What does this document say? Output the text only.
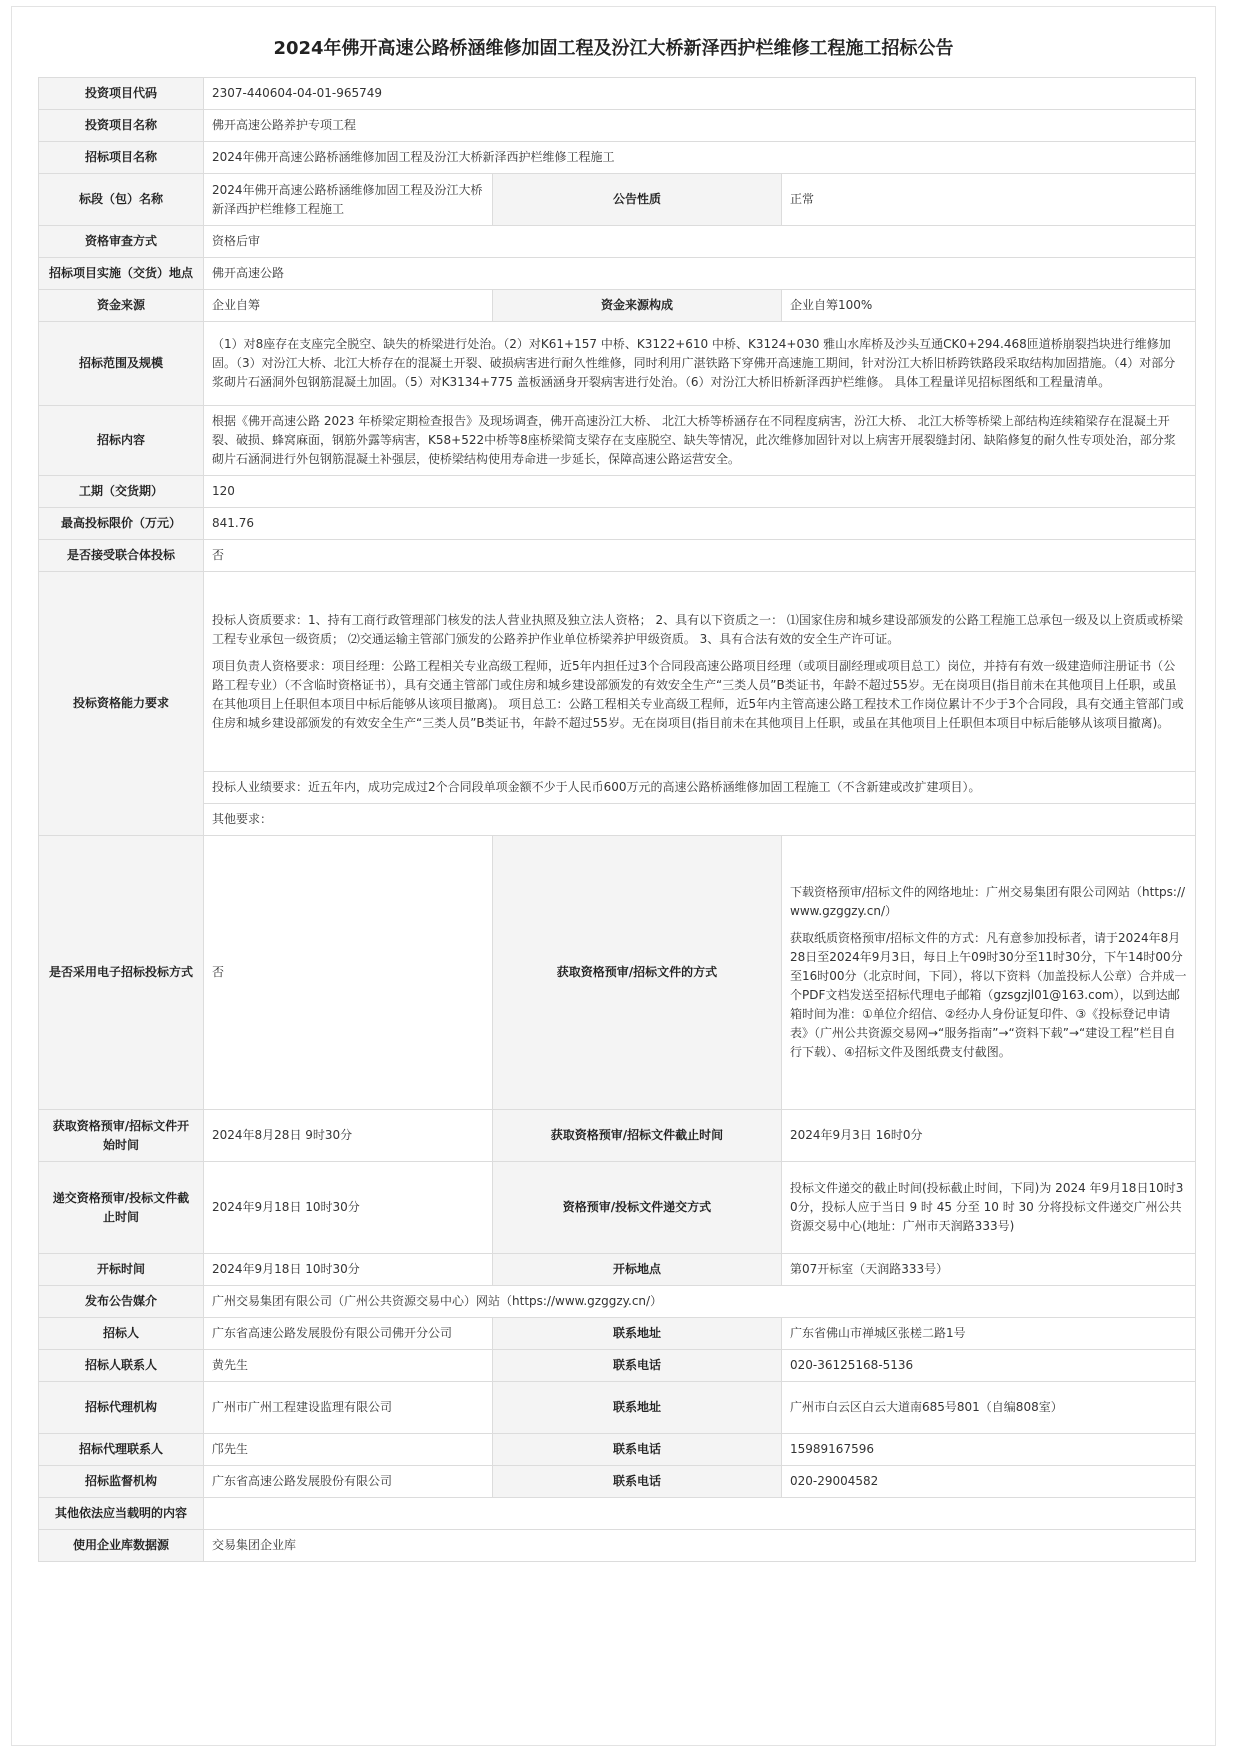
2024年佛开高速公路桥涵维修加固工程及汾江大桥新泽西护栏维修工程施工招标公告
投资项目代码	2307-440604-04-01-965749		
投资项目名称	佛开高速公路养护专项工程		
招标项目名称	2024年佛开高速公路桥涵维修加固工程及汾江大桥新泽西护栏维修工程施工		
标段（包）名称	2024年佛开高速公路桥涵维修加固工程及汾江大桥新泽西护栏维修工程施工	公告性质	正常
资格审查方式	资格后审		
招标项目实施（交货）地点	佛开高速公路		
资金来源	企业自筹	资金来源构成	企业自筹100%
招标范围及规模	（1）对8座存在支座完全脱空、缺失的桥梁进行处治。（2）对K61+157 中桥、K3122+610 中桥、K3124+030 雅山水库桥及沙头互通CK0+294.468匝道桥崩裂挡块进行维修加固。（3）对汾江大桥、北江大桥存在的混凝土开裂、破损病害进行耐久性维修，同时利用广湛铁路下穿佛开高速施工期间，针对汾江大桥旧桥跨铁路段采取结构加固措施。（4）对部分浆砌片石涵洞外包钢筋混凝土加固。（5）对K3134+775 盖板涵涵身开裂病害进行处治。（6）对汾江大桥旧桥新泽西护栏维修。 具体工程量详见招标图纸和工程量清单。		
招标内容	根据《佛开高速公路 2023 年桥梁定期检查报告》及现场调查，佛开高速汾江大桥、 北江大桥等桥涵存在不同程度病害，汾江大桥、 北江大桥等桥梁上部结构连续箱梁存在混凝土开裂、破损、蜂窝麻面，钢筋外露等病害，K58+522中桥等8座桥梁简支梁存在支座脱空、缺失等情况，此次维修加固针对以上病害开展裂缝封闭、缺陷修复的耐久性专项处治，部分浆砌片石涵洞进行外包钢筋混凝土补强层，使桥梁结构使用寿命进一步延长，保障高速公路运营安全。		
工期（交货期）	120		
最高投标限价（万元）	841.76		
是否接受联合体投标	否		
投标资格能力要求	投标人资质要求：1、持有工商行政管理部门核发的法人营业执照及独立法人资格； 2、具有以下资质之一： ⑴国家住房和城乡建设部颁发的公路工程施工总承包一级及以上资质或桥梁工程专业承包一级资质； ⑵交通运输主管部门颁发的公路养护作业单位桥梁养护甲级资质。 3、具有合法有效的安全生产许可证。

项目负责人资格要求：项目经理：公路工程相关专业高级工程师，近5年内担任过3个合同段高速公路项目经理（或项目副经理或项目总工）岗位，并持有有效一级建造师注册证书（公路工程专业）（不含临时资格证书），具有交通主管部门或住房和城乡建设部颁发的有效安全生产“三类人员”B类证书，年龄不超过55岁。无在岗项目(指目前未在其他项目上任职，或虽在其他项目上任职但本项目中标后能够从该项目撤离)。 项目总工：公路工程相关专业高级工程师，近5年内主管高速公路工程技术工作岗位累计不少于3个合同段，具有交通主管部门或住房和城乡建设部颁发的有效安全生产“三类人员”B类证书，年龄不超过55岁。无在岗项目(指目前未在其他项目上任职，或虽在其他项目上任职但本项目中标后能够从该项目撤离)。		

	投标人业绩要求：近五年内，成功完成过2个合同段单项金额不少于人民币600万元的高速公路桥涵维修加固工程施工（不含新建或改扩建项目）。		
	其他要求：		
是否采用电子招标投标方式	否	获取资格预审/招标文件的方式	下载资格预审/招标文件的网络地址：广州交易集团有限公司网站（https://www.gzggzy.cn/）

获取纸质资格预审/招标文件的方式：凡有意参加投标者，请于2024年8月28日至2024年9月3日，每日上午09时30分至11时30分，下午14时00分至16时00分（北京时间，下同），将以下资料（加盖投标人公章）合并成一个PDF文档发送至招标代理电子邮箱（gzsgzjl01@163.com），以到达邮箱时间为准：①单位介绍信、②经办人身份证复印件、③《投标登记申请表》（广州公共资源交易网→“服务指南”→“资料下载”→“建设工程”栏目自行下载）、④招标文件及图纸费支付截图。

获取资格预审/招标文件开始时间	2024年8月28日 9时30分	获取资格预审/招标文件截止时间	2024年9月3日 16时0分
递交资格预审/投标文件截止时间	2024年9月18日 10时30分	资格预审/投标文件递交方式	投标文件递交的截止时间(投标截止时间，下同)为 2024 年9月18日10时30分，投标人应于当日 9 时 45 分至 10 时 30 分将投标文件递交广州公共资源交易中心(地址：广州市天润路333号)
开标时间	2024年9月18日 10时30分	开标地点	第07开标室（天润路333号）
发布公告媒介	广州交易集团有限公司（广州公共资源交易中心）网站（https://www.gzggzy.cn/）		
招标人	广东省高速公路发展股份有限公司佛开分公司	联系地址	广东省佛山市禅城区张槎二路1号
招标人联系人	黄先生	联系电话	020-36125168-5136
招标代理机构	广州市广州工程建设监理有限公司	联系地址	广州市白云区白云大道南685号801（自编808室）
招标代理联系人	邝先生	联系电话	15989167596
招标监督机构	广东省高速公路发展股份有限公司	联系电话	020-29004582
其他依法应当载明的内容			
使用企业库数据源	交易集团企业库		
